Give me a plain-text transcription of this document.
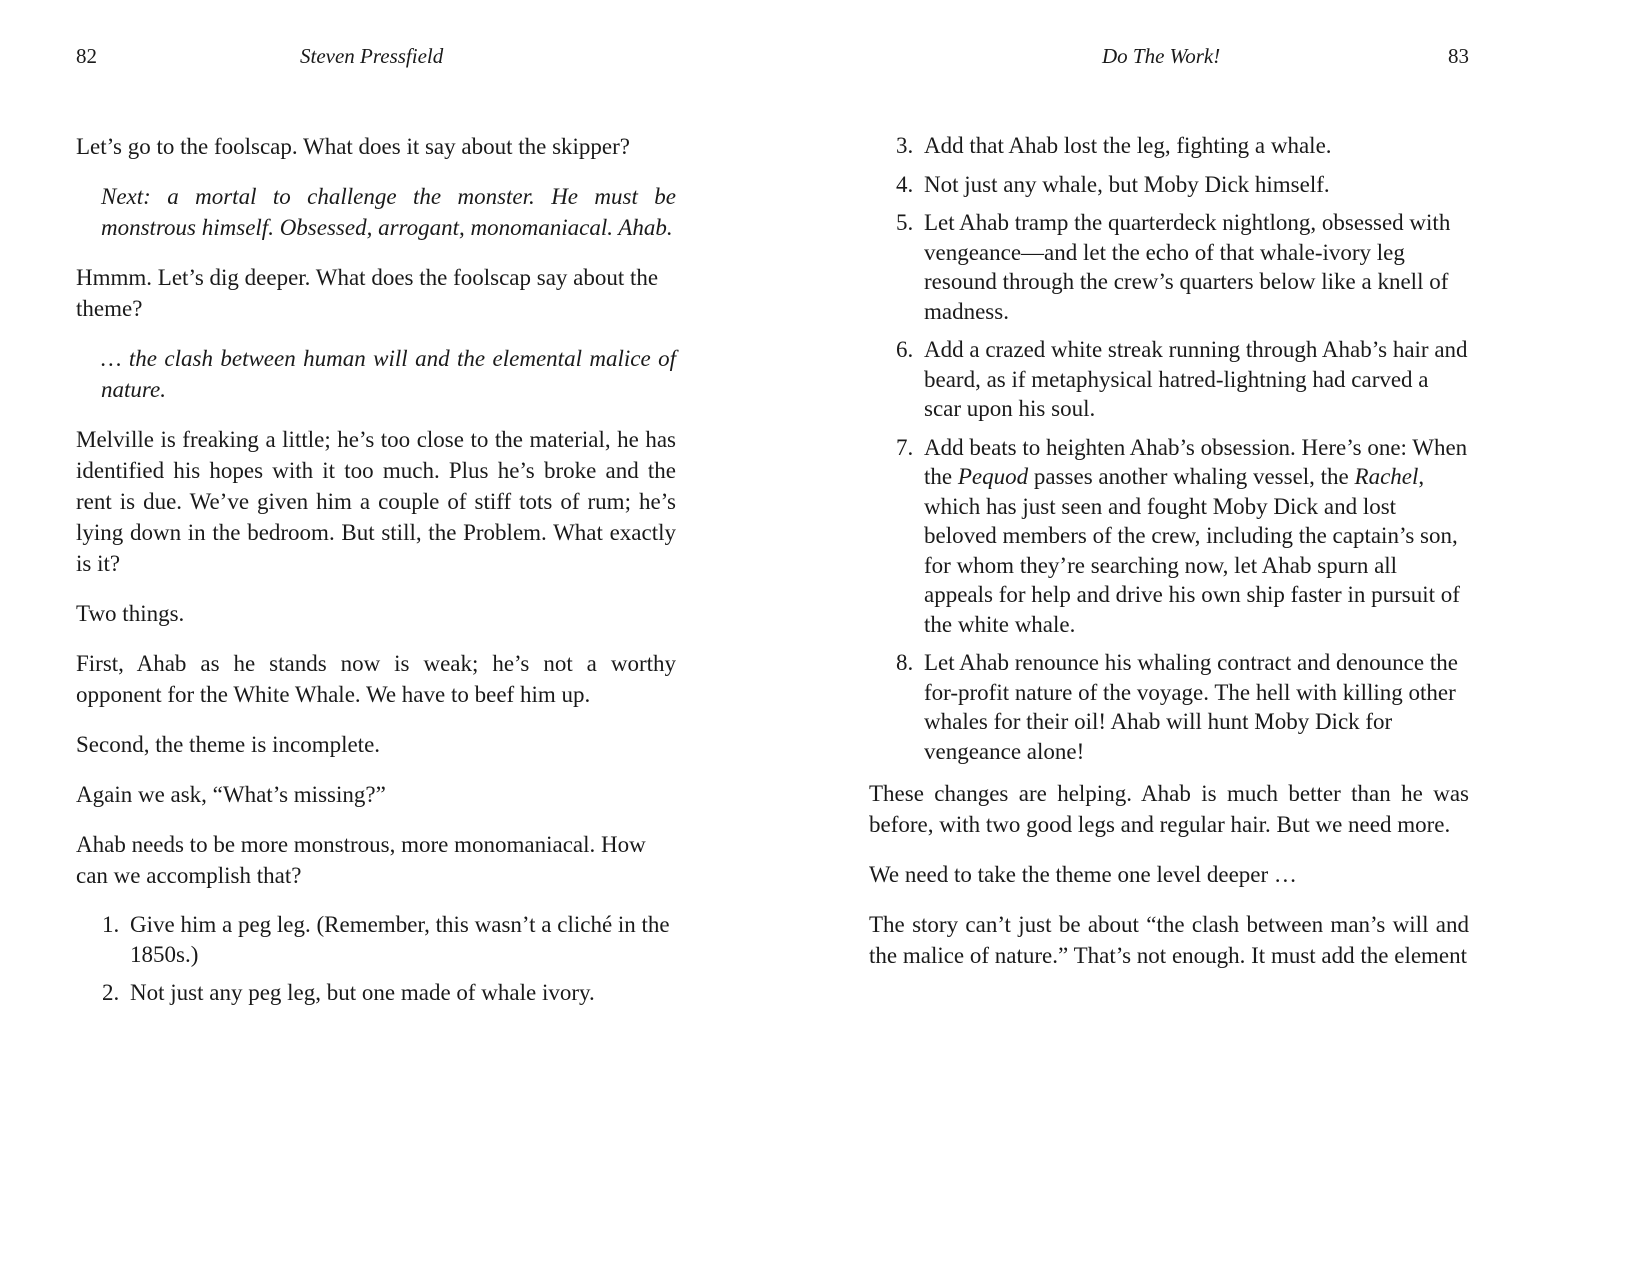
82	Steven Pressfield

Let’s go to the foolscap. What does it say about the skipper?

Next: a mortal to challenge the monster. He must be monstrous himself. Obsessed, arrogant, monomaniacal. Ahab.

Hmmm. Let’s dig deeper. What does the foolscap say about the theme?

… the clash between human will and the elemental malice of nature.

Melville is freaking a little; he’s too close to the material, he has identified his hopes with it too much. Plus he’s broke and the rent is due. We’ve given him a couple of stiff tots of rum; he’s lying down in the bedroom. But still, the Problem. What exactly is it?

Two things.

First, Ahab as he stands now is weak; he’s not a worthy opponent for the White Whale. We have to beef him up.

Second, the theme is incomplete.

Again we ask, “What’s missing?”

Ahab needs to be more monstrous, more monomaniacal. How can we accomplish that?

1. Give him a peg leg. (Remember, this wasn’t a cliché in the 1850s.)
2. Not just any peg leg, but one made of whale ivory.
Do The Work!	83
3. Add that Ahab lost the leg, fighting a whale.
4. Not just any whale, but Moby Dick himself.
5. Let Ahab tramp the quarterdeck nightlong, obsessed with vengeance—and let the echo of that whale-ivory leg resound through the crew’s quarters below like a knell of madness.
6. Add a crazed white streak running through Ahab’s hair and beard, as if metaphysical hatred-lightning had carved a scar upon his soul.
7. Add beats to heighten Ahab’s obsession. Here’s one: When the Pequod passes another whaling vessel, the Rachel, which has just seen and fought Moby Dick and lost beloved members of the crew, including the captain’s son, for whom they’re searching now, let Ahab spurn all appeals for help and drive his own ship faster in pursuit of the white whale.
8. Let Ahab renounce his whaling contract and denounce the for-profit nature of the voyage. The hell with killing other whales for their oil! Ahab will hunt Moby Dick for vengeance alone!

These changes are helping. Ahab is much better than he was before, with two good legs and regular hair. But we need more.

We need to take the theme one level deeper …

The story can’t just be about “the clash between man’s will and the malice of nature.” That’s not enough. It must add the element
